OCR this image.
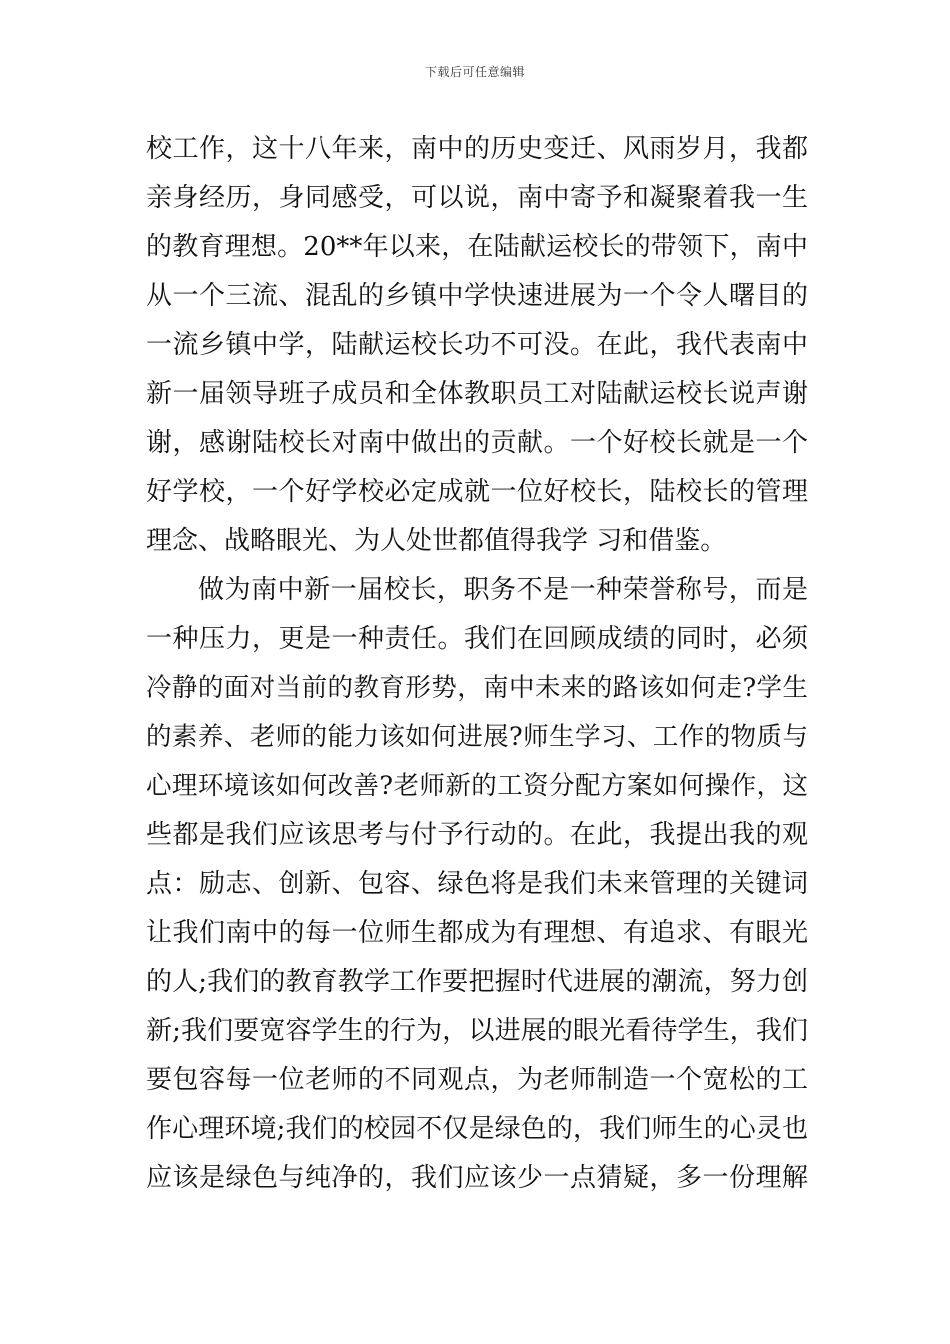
下载后可任意编辑
校工作，这十八年来，南中的历史变迁、风雨岁月，我都
亲身经历，身同感受，可以说，南中寄予和凝聚着我一生
的教育理想。20**年以来，在陆献运校长的带领下，南中
从一个三流、混乱的乡镇中学快速进展为一个令人曙目的
一流乡镇中学，陆献运校长功不可没。在此，我代表南中
新一届领导班子成员和全体教职员工对陆献运校长说声谢
谢，感谢陆校长对南中做出的贡献。一个好校长就是一个
好学校，一个好学校必定成就一位好校长，陆校长的管理
理念、战略眼光、为人处世都值得我学 习和借鉴。
做为南中新一届校长，职务不是一种荣誉称号，而是
一种压力，更是一种责任。我们在回顾成绩的同时，必须
冷静的面对当前的教育形势，南中未来的路该如何走?学生
的素养、老师的能力该如何进展?师生学习、工作的物质与
心理环境该如何改善?老师新的工资分配方案如何操作，这
些都是我们应该思考与付予行动的。在此，我提出我的观
点：励志、创新、包容、绿色将是我们未来管理的关键词
让我们南中的每一位师生都成为有理想、有追求、有眼光
的人;我们的教育教学工作要把握时代进展的潮流，努力创
新;我们要宽容学生的行为，以进展的眼光看待学生，我们
要包容每一位老师的不同观点，为老师制造一个宽松的工
作心理环境;我们的校园不仅是绿色的，我们师生的心灵也
应该是绿色与纯净的，我们应该少一点猜疑，多一份理解
